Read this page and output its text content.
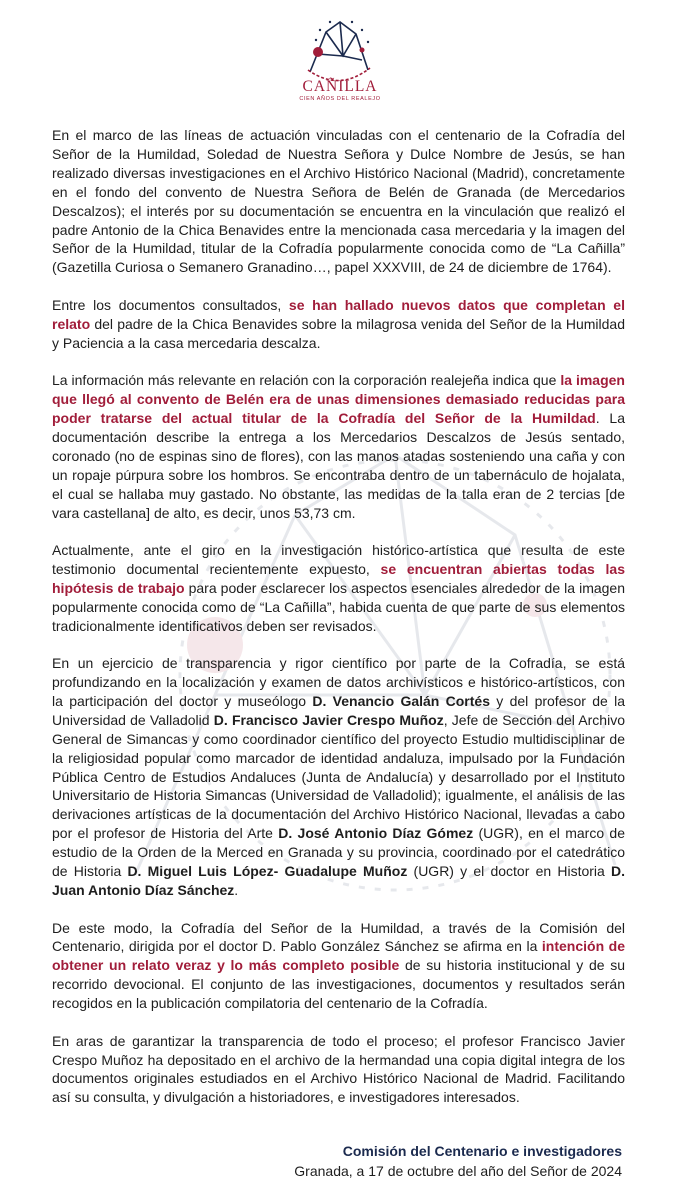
CAÑILLA
CIEN AÑOS DEL REALEJO

En el marco de las líneas de actuación vinculadas con el centenario de la Cofradía del Señor de la Humildad, Soledad de Nuestra Señora y Dulce Nombre de Jesús, se han realizado diversas investigaciones en el Archivo Histórico Nacional (Madrid), concretamente en el fondo del convento de Nuestra Señora de Belén de Granada (de Mercedarios Descalzos); el interés por su documentación se encuentra en la vinculación que realizó el padre Antonio de la Chica Benavides entre la mencionada casa mercedaria y la imagen del Señor de la Humildad, titular de la Cofradía popularmente conocida como de “La Cañilla” (Gazetilla Curiosa o Semanero Granadino…, papel XXXVIII, de 24 de diciembre de 1764).

Entre los documentos consultados, se han hallado nuevos datos que completan el relato del padre de la Chica Benavides sobre la milagrosa venida del Señor de la Humildad y Paciencia a la casa mercedaria descalza.

La información más relevante en relación con la corporación realejeña indica que la imagen que llegó al convento de Belén era de unas dimensiones demasiado reducidas para poder tratarse del actual titular de la Cofradía del Señor de la Humildad. La documentación describe la entrega a los Mercedarios Descalzos de Jesús sentado, coronado (no de espinas sino de flores), con las manos atadas sosteniendo una caña y con un ropaje púrpura sobre los hombros. Se encontraba dentro de un tabernáculo de hojalata, el cual se hallaba muy gastado. No obstante, las medidas de la talla eran de 2 tercias [de vara castellana] de alto, es decir, unos 53,73 cm.

Actualmente, ante el giro en la investigación histórico-artística que resulta de este testimonio documental recientemente expuesto, se encuentran abiertas todas las hipótesis de trabajo para poder esclarecer los aspectos esenciales alrededor de la imagen popularmente conocida como de “La Cañilla”, habida cuenta de que parte de sus elementos tradicionalmente identificativos deben ser revisados.

En un ejercicio de transparencia y rigor científico por parte de la Cofradía, se está profundizando en la localización y examen de datos archivísticos e histórico-artísticos, con la participación del doctor y museólogo D. Venancio Galán Cortés y del profesor de la Universidad de Valladolid D. Francisco Javier Crespo Muñoz, Jefe de Sección del Archivo General de Simancas y como coordinador científico del proyecto Estudio multidisciplinar de la religiosidad popular como marcador de identidad andaluza, impulsado por la Fundación Pública Centro de Estudios Andaluces (Junta de Andalucía) y desarrollado por el Instituto Universitario de Historia Simancas (Universidad de Valladolid); igualmente, el análisis de las derivaciones artísticas de la documentación del Archivo Histórico Nacional, llevadas a cabo por el profesor de Historia del Arte D. José Antonio Díaz Gómez (UGR), en el marco de estudio de la Orden de la Merced en Granada y su provincia, coordinado por el catedrático de Historia D. Miguel Luis López- Guadalupe Muñoz (UGR) y el doctor en Historia D. Juan Antonio Díaz Sánchez.

De este modo, la Cofradía del Señor de la Humildad, a través de la Comisión del Centenario, dirigida por el doctor D. Pablo González Sánchez se afirma en la intención de obtener un relato veraz y lo más completo posible de su historia institucional y de su recorrido devocional. El conjunto de las investigaciones, documentos y resultados serán recogidos en la publicación compilatoria del centenario de la Cofradía.

En aras de garantizar la transparencia de todo el proceso; el profesor Francisco Javier Crespo Muñoz ha depositado en el archivo de la hermandad una copia digital integra de los documentos originales estudiados en el Archivo Histórico Nacional de Madrid. Facilitando así su consulta, y divulgación a historiadores, e investigadores interesados.

Comisión del Centenario e investigadores
Granada, a 17 de octubre del año del Señor de 2024
